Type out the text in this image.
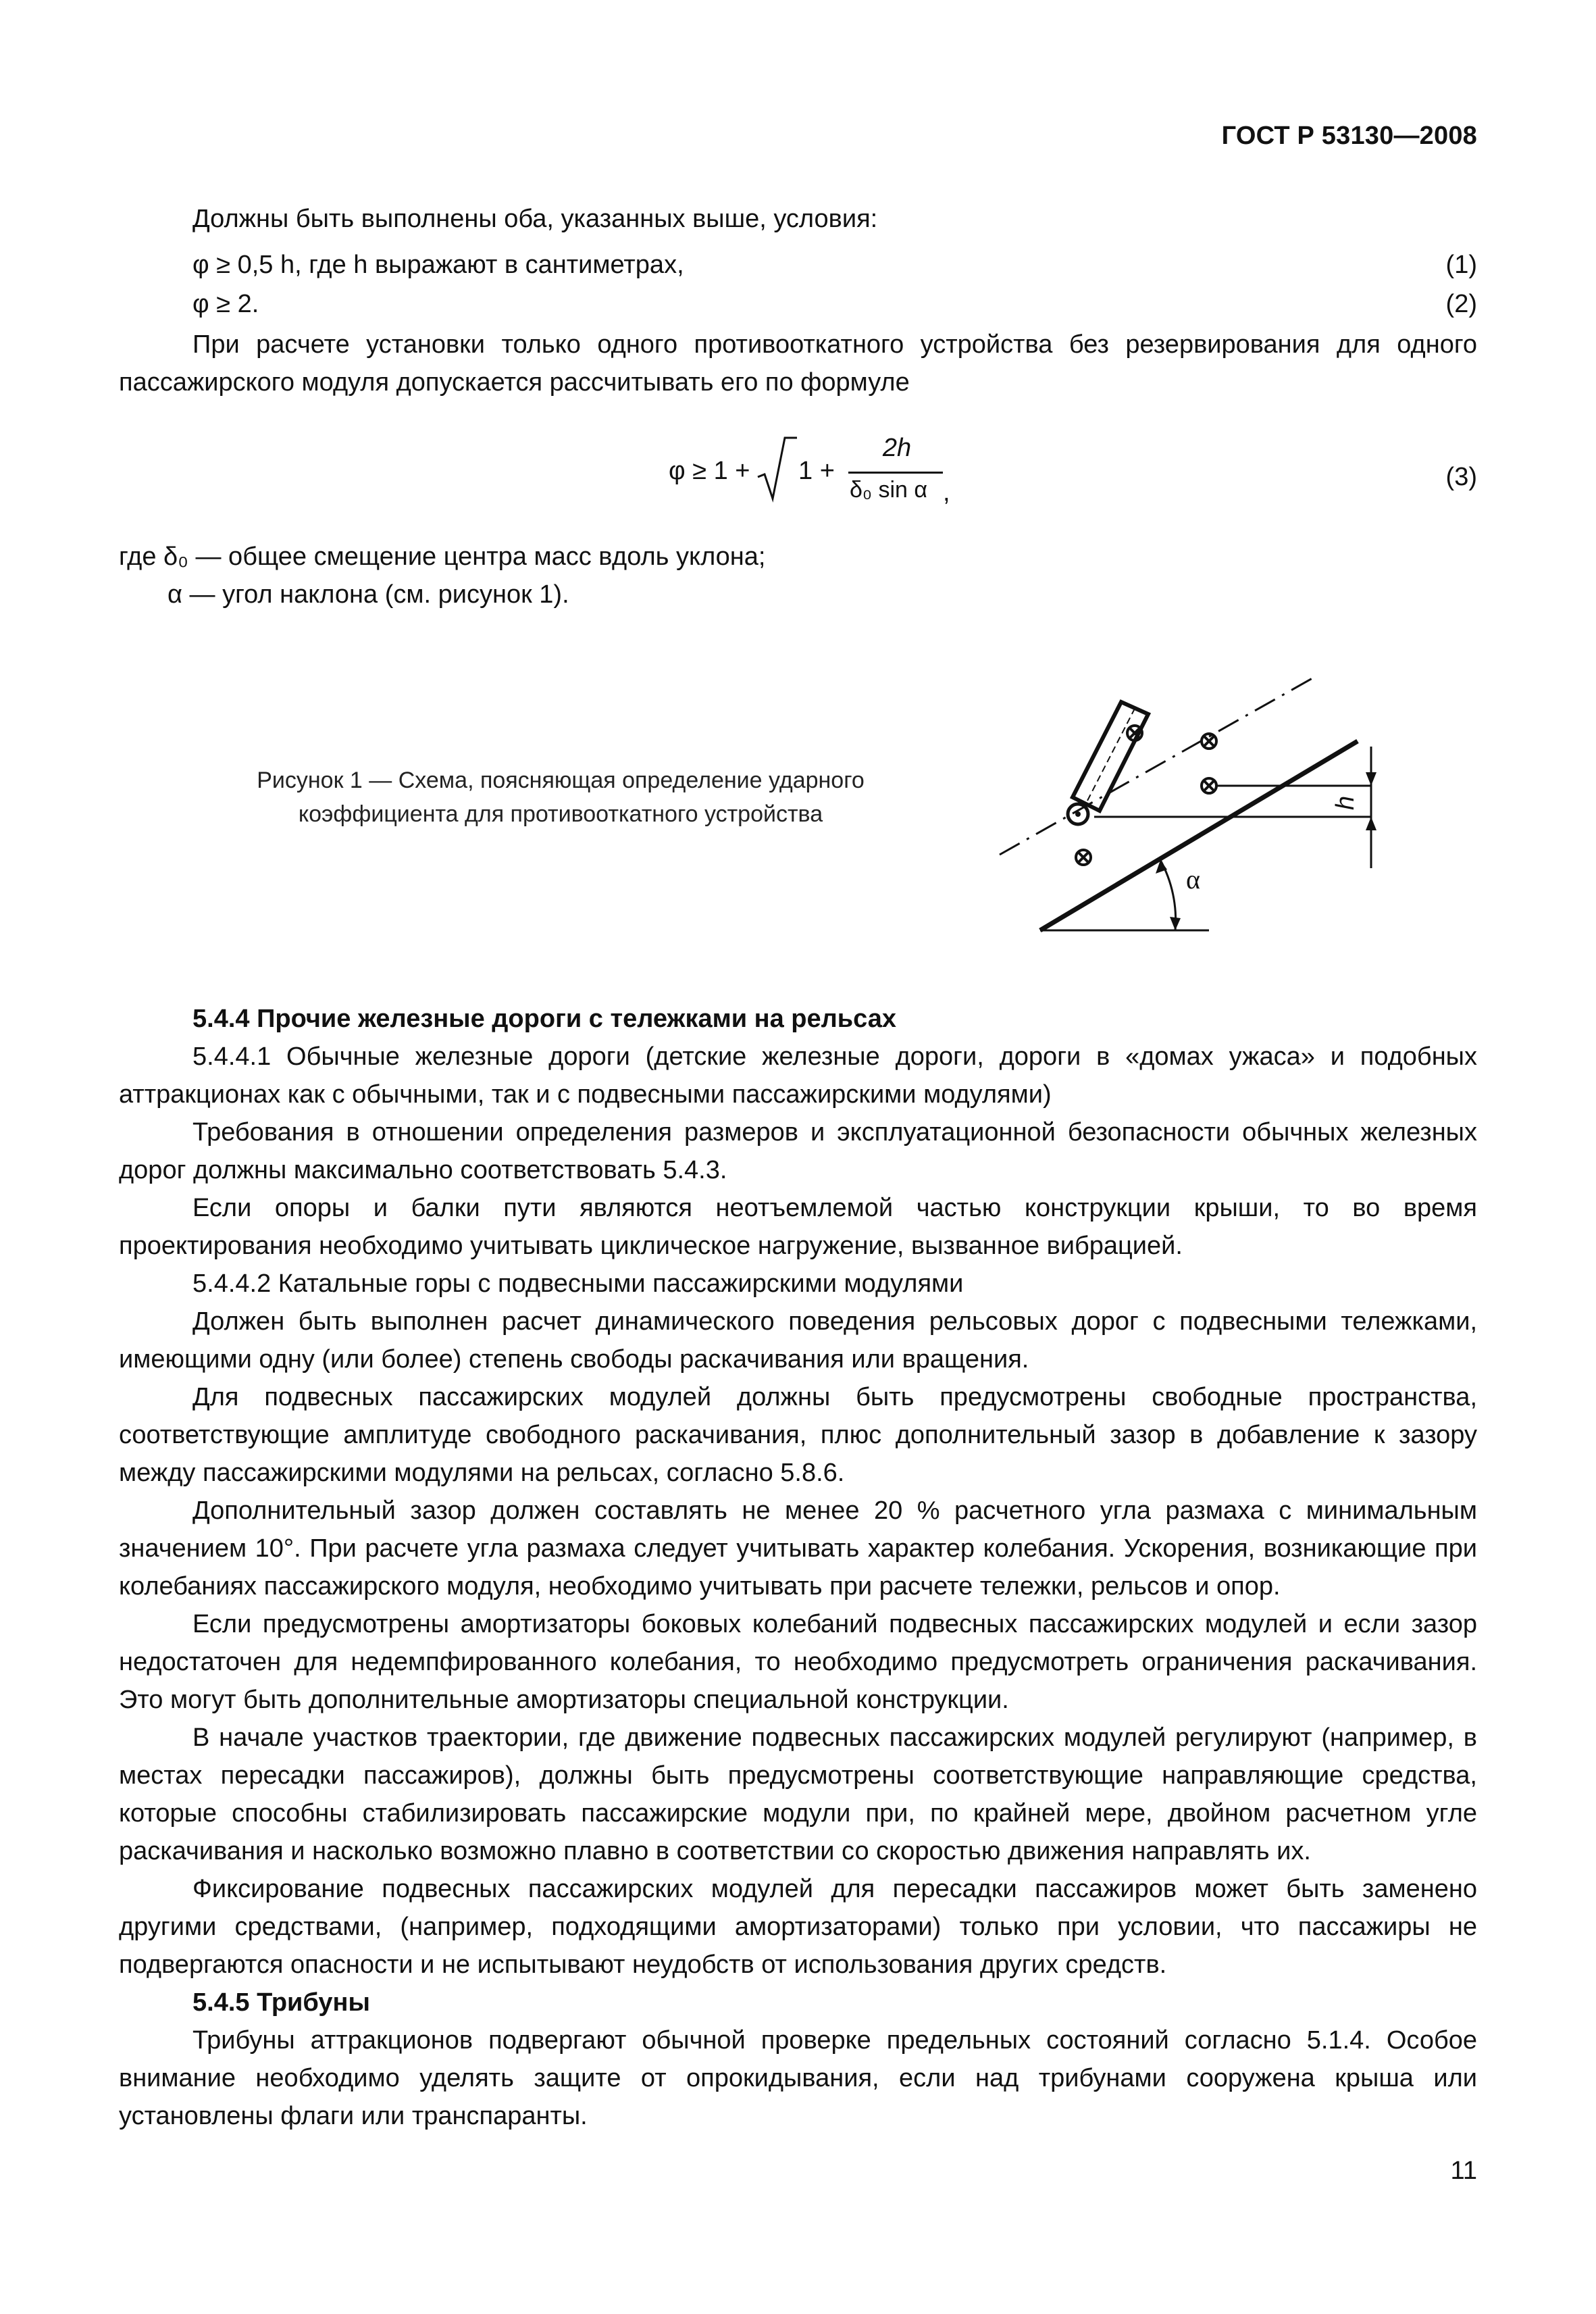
ГОСТ Р 53130—2008
Должны быть выполнены оба, указанных выше, условия:
φ ≥ 0,5 h, где h выражают в сантиметрах,	(1)
φ ≥ 2.	(2)
При расчете установки только одного противооткатного устройства без резервирования для одного пассажирского модуля допускается рассчитывать его по формуле
φ ≥ 1 + 1 +
2h
δ₀ sin α ,
(3)
где δ₀ — общее смещение центра масс вдоль уклона;
α — угол наклона (см. рисунок 1).
Рисунок 1 — Схема, поясняющая определение ударного коэффициента для противооткатного устройства
α
h
5.4.4 Прочие железные дороги с тележками на рельсах
5.4.4.1 Обычные железные дороги (детские железные дороги, дороги в «домах ужаса» и подобных аттракционах как с обычными, так и с подвесными пассажирскими модулями)
Требования в отношении определения размеров и эксплуатационной безопасности обычных железных дорог должны максимально соответствовать 5.4.3.
Если опоры и балки пути являются неотъемлемой частью конструкции крыши, то во время проектирования необходимо учитывать циклическое нагружение, вызванное вибрацией.
5.4.4.2 Катальные горы с подвесными пассажирскими модулями
Должен быть выполнен расчет динамического поведения рельсовых дорог с подвесными тележками, имеющими одну (или более) степень свободы раскачивания или вращения.
Для подвесных пассажирских модулей должны быть предусмотрены свободные пространства, соответствующие амплитуде свободного раскачивания, плюс дополнительный зазор в добавление к зазору между пассажирскими модулями на рельсах, согласно 5.8.6.
Дополнительный зазор должен составлять не менее 20 % расчетного угла размаха с минимальным значением 10°. При расчете угла размаха следует учитывать характер колебания. Ускорения, возникающие при колебаниях пассажирского модуля, необходимо учитывать при расчете тележки, рельсов и опор.
Если предусмотрены амортизаторы боковых колебаний подвесных пассажирских модулей и если зазор недостаточен для недемпфированного колебания, то необходимо предусмотреть ограничения раскачивания. Это могут быть дополнительные амортизаторы специальной конструкции.
В начале участков траектории, где движение подвесных пассажирских модулей регулируют (например, в местах пересадки пассажиров), должны быть предусмотрены соответствующие направляющие средства, которые способны стабилизировать пассажирские модули при, по крайней мере, двойном расчетном угле раскачивания и насколько возможно плавно в соответствии со скоростью движения направлять их.
Фиксирование подвесных пассажирских модулей для пересадки пассажиров может быть заменено другими средствами, (например, подходящими амортизаторами) только при условии, что пассажиры не подвергаются опасности и не испытывают неудобств от использования других средств.
5.4.5 Трибуны
Трибуны аттракционов подвергают обычной проверке предельных состояний согласно 5.1.4. Особое внимание необходимо уделять защите от опрокидывания, если над трибунами сооружена крыша или установлены флаги или транспаранты.
11
